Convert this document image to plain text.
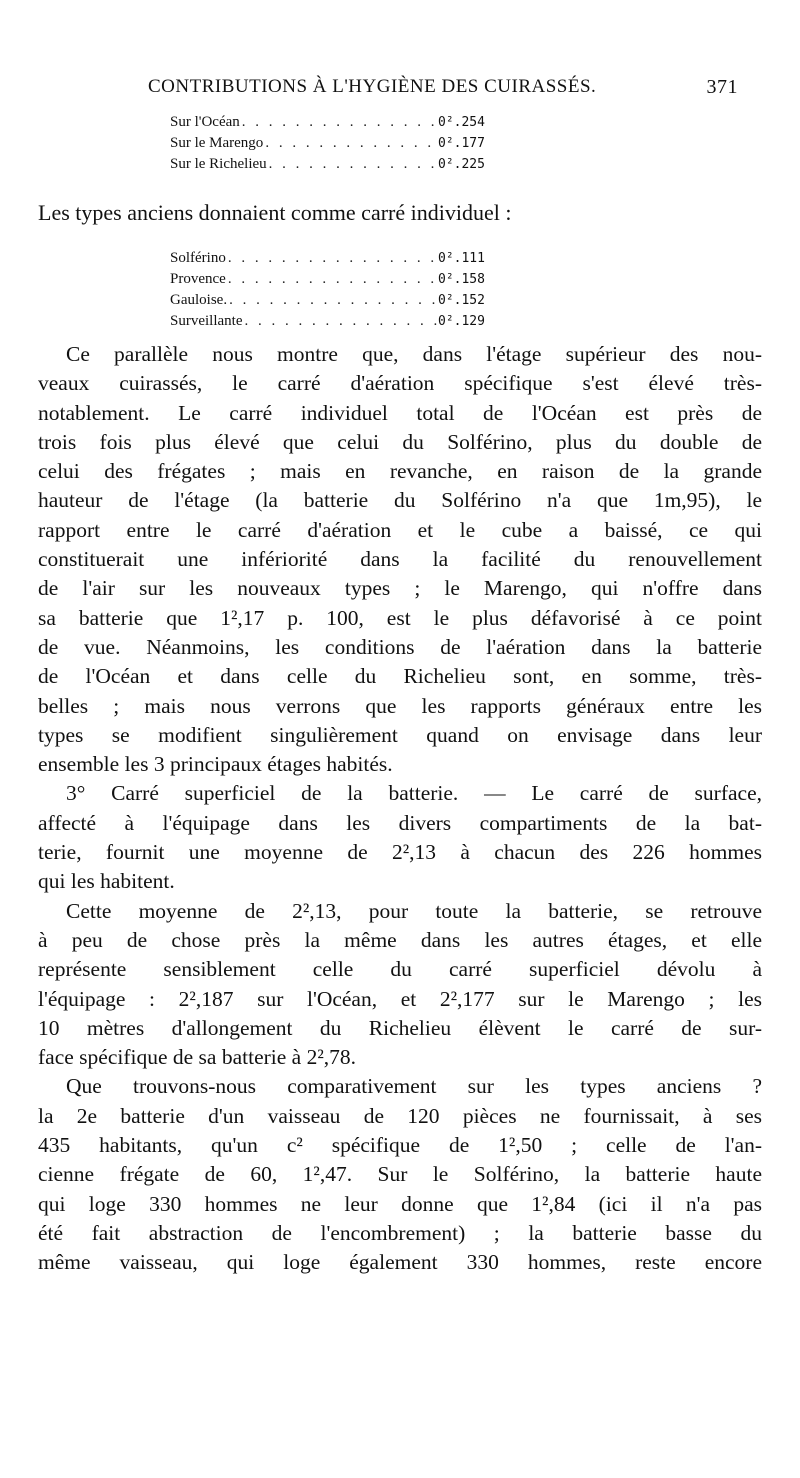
CONTRIBUTIONS À L'HYGIÈNE DES CUIRASSÉS.	371
Sur l'Océan . . .	0².254
Sur le Marengo . . .	0².177
Sur le Richelieu . . .	0².225

Les types anciens donnaient comme carré individuel :

Solférino . . .	0².111
Provence . . .	0².158
Gauloise. . . .	0².152
Surveillante . . .	0².129
Ce parallèle nous montre que, dans l'étage supérieur des nou-
veaux cuirassés, le carré d'aération spécifique s'est élevé très-
notablement. Le carré individuel total de l'Océan est près de
trois fois plus élevé que celui du Solférino, plus du double de
celui des frégates ; mais en revanche, en raison de la grande
hauteur de l'étage (la batterie du Solférino n'a que 1m,95), le
rapport entre le carré d'aération et le cube a baissé, ce qui
constituerait une infériorité dans la facilité du renouvellement
de l'air sur les nouveaux types ; le Marengo, qui n'offre dans
sa batterie que 1²,17 p. 100, est le plus défavorisé à ce point
de vue. Néanmoins, les conditions de l'aération dans la batterie
de l'Océan et dans celle du Richelieu sont, en somme, très-
belles ; mais nous verrons que les rapports généraux entre les
types se modifient singulièrement quand on envisage dans leur
ensemble les 3 principaux étages habités.
3° Carré superficiel de la batterie. — Le carré de surface,
affecté à l'équipage dans les divers compartiments de la bat-
terie, fournit une moyenne de 2²,13 à chacun des 226 hommes
qui les habitent.
Cette moyenne de 2²,13, pour toute la batterie, se retrouve
à peu de chose près la même dans les autres étages, et elle
représente sensiblement celle du carré superficiel dévolu à
l'équipage : 2²,187 sur l'Océan, et 2²,177 sur le Marengo ; les
10 mètres d'allongement du Richelieu élèvent le carré de sur-
face spécifique de sa batterie à 2²,78.
Que trouvons-nous comparativement sur les types anciens ?
la 2e batterie d'un vaisseau de 120 pièces ne fournissait, à ses
435 habitants, qu'un c² spécifique de 1²,50 ; celle de l'an-
cienne frégate de 60, 1²,47. Sur le Solférino, la batterie haute
qui loge 330 hommes ne leur donne que 1²,84 (ici il n'a pas
été fait abstraction de l'encombrement) ; la batterie basse du
même vaisseau, qui loge également 330 hommes, reste encore
